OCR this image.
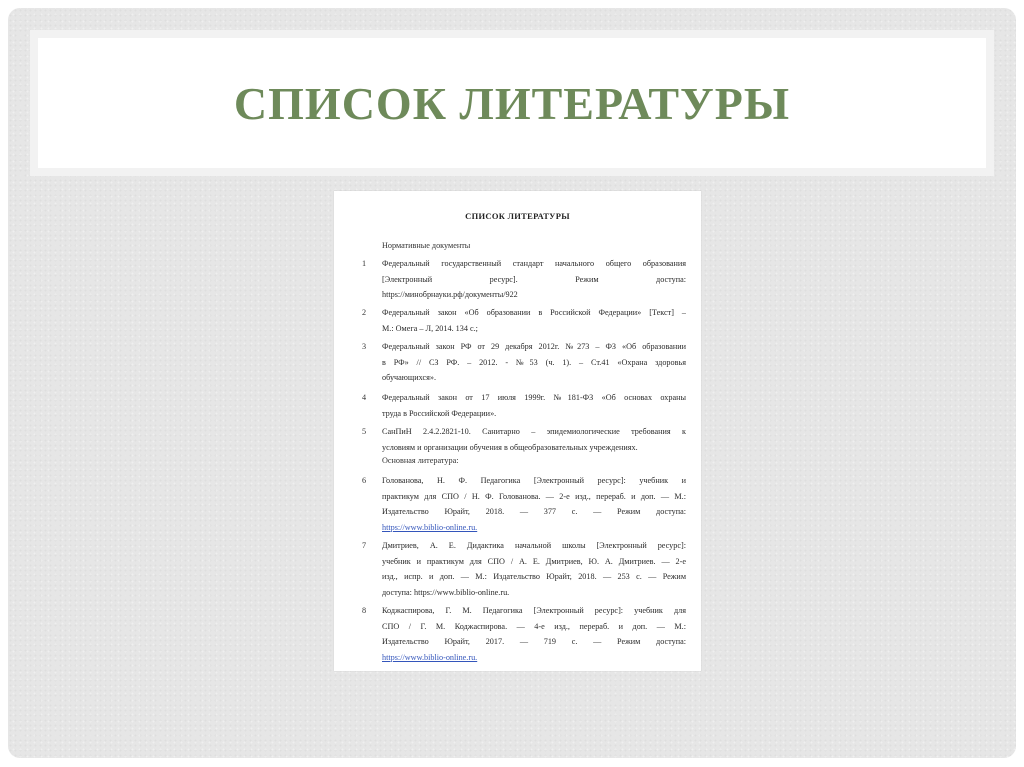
СПИСОК ЛИТЕРАТУРЫ
СПИСОК ЛИТЕРАТУРЫ
Нормативные документы
1	Федеральный государственный стандарт начального общего образования
[Электронный ресурс]. Режим доступа:
https://минобрнауки.рф/документы/922
2	Федеральный закон «Об образовании в Российской Федерации» [Текст] –
М.: Омега – Л, 2014. 134 с.;
3	Федеральный закон РФ от 29 декабря 2012г. №273 – ФЗ «Об образовании
в РФ» // СЗ РФ. – 2012. - №53 (ч. 1). – Ст.41 «Охрана здоровья
обучающихся».
4	Федеральный закон от 17 июля 1999г. №181-ФЗ «Об основах охраны
труда в Российской Федерации».
5	СанПиН 2.4.2.2821-10. Санитарно – эпидемиологические требования к
условиям и организации обучения в общеобразовательных учреждениях.
Основная литература:
6	Голованова, Н. Ф. Педагогика [Электронный ресурс]: учебник и
практикум для СПО / Н. Ф. Голованова. — 2-е изд., перераб. и доп. — М.:
Издательство Юрайт, 2018. — 377 с. — Режим доступа:
https://www.biblio-online.ru.
7	Дмитриев, А. Е. Дидактика начальной школы [Электронный ресурс]:
учебник и практикум для СПО / А. Е. Дмитриев, Ю. А. Дмитриев. — 2-е
изд., испр. и доп. — М.: Издательство Юрайт, 2018. — 253 с. — Режим
доступа: https://www.biblio-online.ru.
8	Коджаспирова, Г. М. Педагогика [Электронный ресурс]: учебник для
СПО / Г. М. Коджаспирова. — 4-е изд., перераб. и доп. — М.:
Издательство Юрайт, 2017. — 719 с. — Режим доступа:
https://www.biblio-online.ru.
